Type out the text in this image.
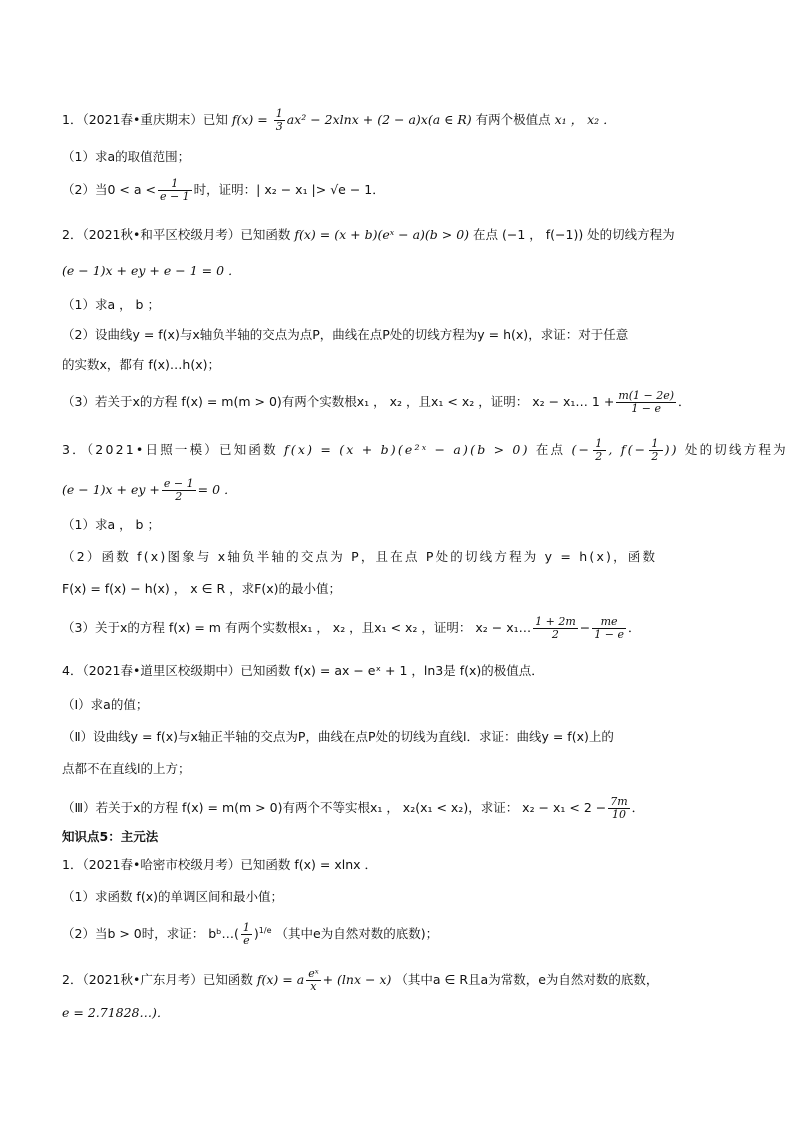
1．（2021春•重庆期末）已知 $f(x) = \frac{1}{3} ax^2 - 2xlnx + (2 - a)x(a$ ∈ R) 有两个极值点 x₁ ， x₂ ．
（1）求a的取值范围；
（2）当$0 < a < \frac{1}{e - 1}$ 时，证明：| x₂ − x₁ |> √e − 1．
2．（2021秋•和平区校级月考）已知函数 f(x) = (x + b)(eˣ − a)(b > 0) 在点 (−1 ， f(−1)) 处的切线方程为
(e − 1)x + ey + e − 1 = 0 ．
（1）求a ， b ；
（2）设曲线y = f(x)与x轴负半轴的交点为点P，曲线在点P处的切线方程为y = h(x)，求证：对于任意
的实数x，都有 f(x)…h(x)；
（3）若关于x的方程 f(x) = m(m > 0)有两个实数根x₁ ， x₂ ，且x₁ < x₂ ，证明： x₂ − x₁… $1 + \frac{m(1 - 2e)}{1 - e}$ ．
3．（2021•日照一模）已知函数 f(x) = (x + b)(e²ˣ − a)(b > 0) 在点 (− $\frac{1}{2}$ , $f(- \frac{1}{2}$ )) 处的切线方程为
(e − 1)x + ey + $\frac{e - 1}{2} = 0$ ．
（1）求a ， b ；
（2）函数 f(x)图象与 x轴负半轴的交点为 P，且在点 P处的切线方程为 y = h(x)，函数
F(x) = f(x) − h(x) ， x ∈ R ，求F(x)的最小值；
（3）关于x的方程 f(x) = m 有两个实数根x₁ ， x₂ ，且x₁ < x₂ ，证明： x₂ − x₁… $\frac{1 + 2m}{2} - \frac{me}{1 - e}$ ．
4．（2021春•道里区校级期中）已知函数 f(x) = ax − eˣ + 1 ，ln3是 f(x)的极值点．
（Ⅰ）求a的值；
（Ⅱ）设曲线y = f(x)与x轴正半轴的交点为P，曲线在点P处的切线为直线l．求证：曲线y = f(x)上的
点都不在直线l的上方；
（Ⅲ）若关于x的方程 f(x) = m(m > 0)有两个不等实根x₁ ， x₂(x₁ < x₂)，求证： $x_2 - x_1 < 2 - \frac{7m}{10}$ ．
知识点5：主元法
1．（2021春•哈密市校级月考）已知函数 f(x) = xlnx ．
（1）求函数 f(x)的单调区间和最小值；
（2）当b > 0时，求证： bᵇ…( $\frac{1}{e} )^{1/e}$ （其中e为自然对数的底数)；
2．（2021秋•广东月考）已知函数 f(x) = a $\frac{\text{eˣ}}{x} + (\ln x - x)$ （其中a ∈ R且a为常数，e为自然对数的底数，
e = 2.71828…)．
